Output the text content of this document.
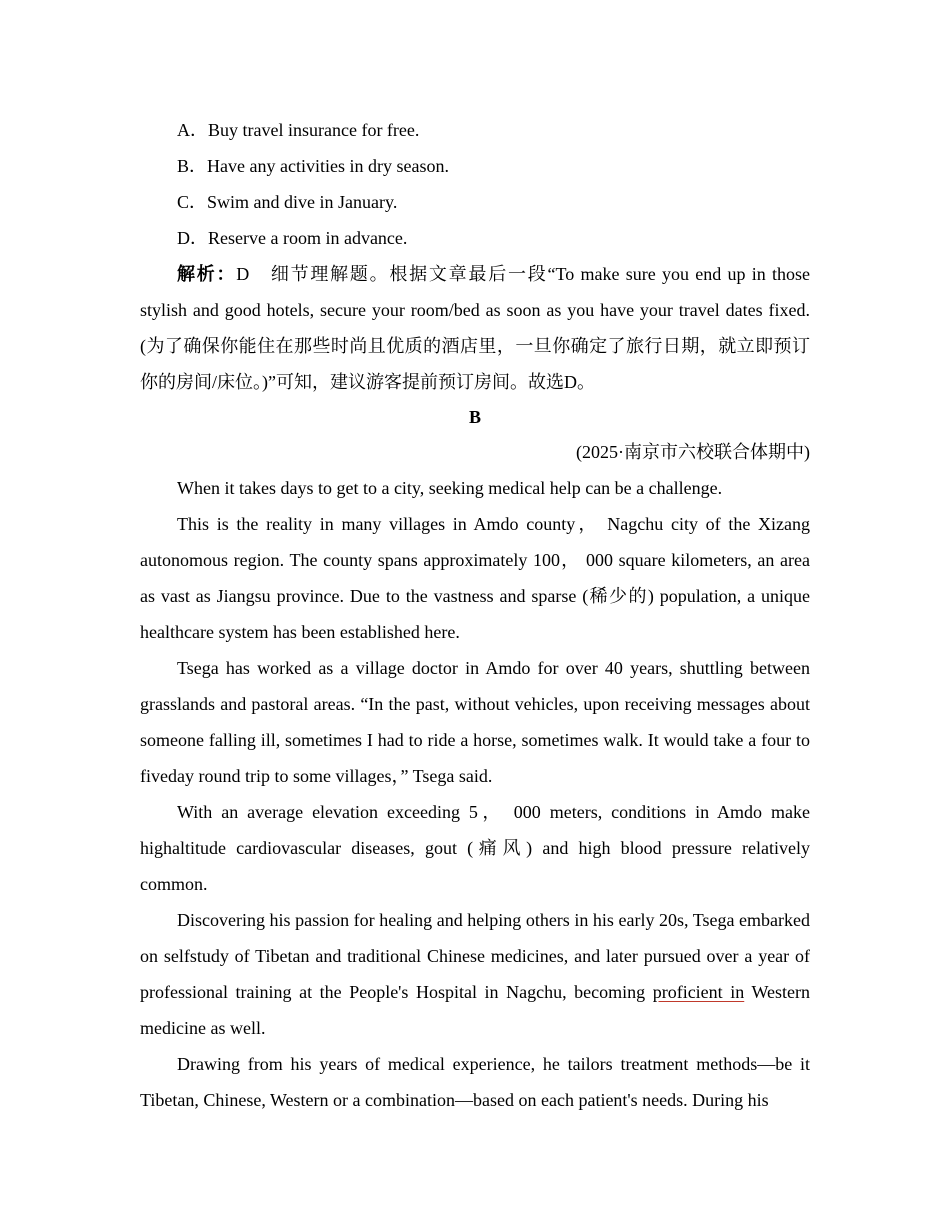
A．Buy travel insurance for free.

B．Have any activities in dry season.

C．Swim and dive in January.

D．Reserve a room in advance.

解析：D　细节理解题。根据文章最后一段“To make sure you end up in those stylish and good hotels, secure your room/bed as soon as you have your travel dates fixed.(为了确保你能住在那些时尚且优质的酒店里，一旦你确定了旅行日期，就立即预订你的房间/床位。)”可知，建议游客提前预订房间。故选D。

B

(2025·南京市六校联合体期中)

When it takes days to get to a city, seeking medical help can be a challenge.

This is the reality in many villages in Amdo county， Nagchu city of the Xizang autonomous region. The county spans approximately 100， 000 square kilometers, an area as vast as Jiangsu province. Due to the vastness and sparse (稀少的) population, a unique healthcare system has been established here.

Tsega has worked as a village doctor in Amdo for over 40 years, shuttling between grasslands and pastoral areas. “In the past, without vehicles, upon receiving messages about someone falling ill, sometimes I had to ride a horse, sometimes walk. It would take a four to fiveday round trip to some villages，” Tsega said.

With an average elevation exceeding 5， 000 meters, conditions in Amdo make highaltitude cardiovascular diseases, gout (痛风) and high blood pressure relatively common.

Discovering his passion for healing and helping others in his early 20s, Tsega embarked on selfstudy of Tibetan and traditional Chinese medicines, and later pursued over a year of professional training at the People's Hospital in Nagchu, becoming proficient in Western medicine as well.

Drawing from his years of medical experience, he tailors treatment methods—be it Tibetan, Chinese, Western or a combination—based on each patient's needs. During his
